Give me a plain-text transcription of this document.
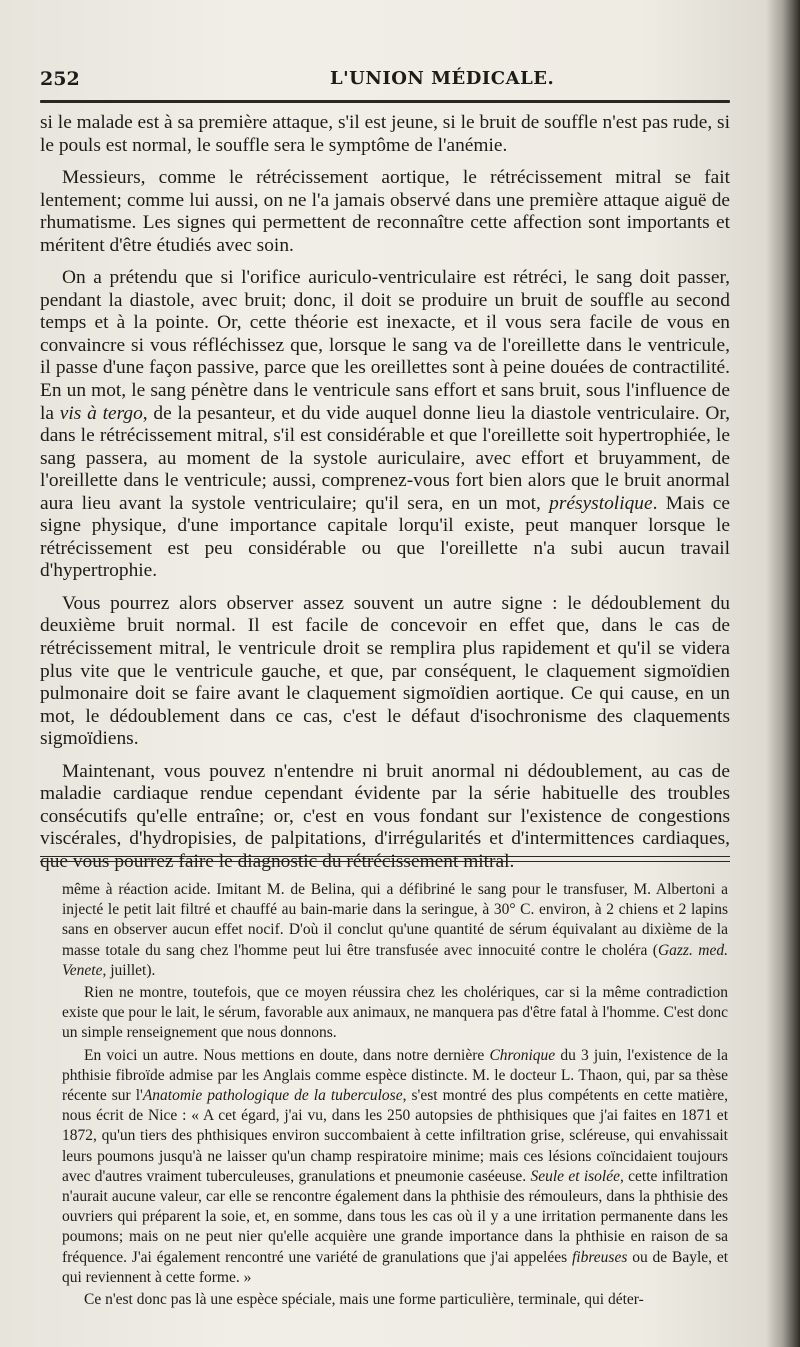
252	L'UNION MÉDICALE.

si le malade est à sa première attaque, s'il est jeune, si le bruit de souffle n'est pas rude, si le pouls est normal, le souffle sera le symptôme de l'anémie.

Messieurs, comme le rétrécissement aortique, le rétrécissement mitral se fait lentement; comme lui aussi, on ne l'a jamais observé dans une première attaque aiguë de rhumatisme. Les signes qui permettent de reconnaître cette affection sont importants et méritent d'être étudiés avec soin.

On a prétendu que si l'orifice auriculo-ventriculaire est rétréci, le sang doit passer, pendant la diastole, avec bruit; donc, il doit se produire un bruit de souffle au second temps et à la pointe. Or, cette théorie est inexacte, et il vous sera facile de vous en convaincre si vous réfléchissez que, lorsque le sang va de l'oreillette dans le ventricule, il passe d'une façon passive, parce que les oreillettes sont à peine douées de contractilité. En un mot, le sang pénètre dans le ventricule sans effort et sans bruit, sous l'influence de la vis à tergo, de la pesanteur, et du vide auquel donne lieu la diastole ventriculaire. Or, dans le rétrécissement mitral, s'il est considérable et que l'oreillette soit hypertrophiée, le sang passera, au moment de la systole auriculaire, avec effort et bruyamment, de l'oreillette dans le ventricule; aussi, comprenez-vous fort bien alors que le bruit anormal aura lieu avant la systole ventriculaire; qu'il sera, en un mot, présystolique. Mais ce signe physique, d'une importance capitale lorqu'il existe, peut manquer lorsque le rétrécissement est peu considérable ou que l'oreillette n'a subi aucun travail d'hypertrophie.

Vous pourrez alors observer assez souvent un autre signe : le dédoublement du deuxième bruit normal. Il est facile de concevoir en effet que, dans le cas de rétrécissement mitral, le ventricule droit se remplira plus rapidement et qu'il se videra plus vite que le ventricule gauche, et que, par conséquent, le claquement sigmoïdien pulmonaire doit se faire avant le claquement sigmoïdien aortique. Ce qui cause, en un mot, le dédoublement dans ce cas, c'est le défaut d'isochronisme des claquements sigmoïdiens.

Maintenant, vous pouvez n'entendre ni bruit anormal ni dédoublement, au cas de maladie cardiaque rendue cependant évidente par la série habituelle des troubles consécutifs qu'elle entraîne; or, c'est en vous fondant sur l'existence de congestions viscérales, d'hydropisies, de palpitations, d'irrégularités et d'intermittences cardiaques, que vous pourrez faire le diagnostic du rétrécissement mitral.

même à réaction acide. Imitant M. de Belina, qui a défibriné le sang pour le transfuser, M. Albertoni a injecté le petit lait filtré et chauffé au bain-marie dans la seringue, à 30° C. environ, à 2 chiens et 2 lapins sans en observer aucun effet nocif. D'où il conclut qu'une quantité de sérum équivalant au dixième de la masse totale du sang chez l'homme peut lui être transfusée avec innocuité contre le choléra (Gazz. med. Venete, juillet).

Rien ne montre, toutefois, que ce moyen réussira chez les cholériques, car si la même contradiction existe que pour le lait, le sérum, favorable aux animaux, ne manquera pas d'être fatal à l'homme. C'est donc un simple renseignement que nous donnons.

En voici un autre. Nous mettions en doute, dans notre dernière Chronique du 3 juin, l'existence de la phthisie fibroïde admise par les Anglais comme espèce distincte. M. le docteur L. Thaon, qui, par sa thèse récente sur l'Anatomie pathologique de la tuberculose, s'est montré des plus compétents en cette matière, nous écrit de Nice : « A cet égard, j'ai vu, dans les 250 autopsies de phthisiques que j'ai faites en 1871 et 1872, qu'un tiers des phthisiques environ succombaient à cette infiltration grise, scléreuse, qui envahissait leurs poumons jusqu'à ne laisser qu'un champ respiratoire minime; mais ces lésions coïncidaient toujours avec d'autres vraiment tuberculeuses, granulations et pneumonie caséeuse. Seule et isolée, cette infiltration n'aurait aucune valeur, car elle se rencontre également dans la phthisie des rémouleurs, dans la phthisie des ouvriers qui préparent la soie, et, en somme, dans tous les cas où il y a une irritation permanente dans les poumons; mais on ne peut nier qu'elle acquière une grande importance dans la phthisie en raison de sa fréquence. J'ai également rencontré une variété de granulations que j'ai appelées fibreuses ou de Bayle, et qui reviennent à cette forme. »

Ce n'est donc pas là une espèce spéciale, mais une forme particulière, terminale, qui déter-
